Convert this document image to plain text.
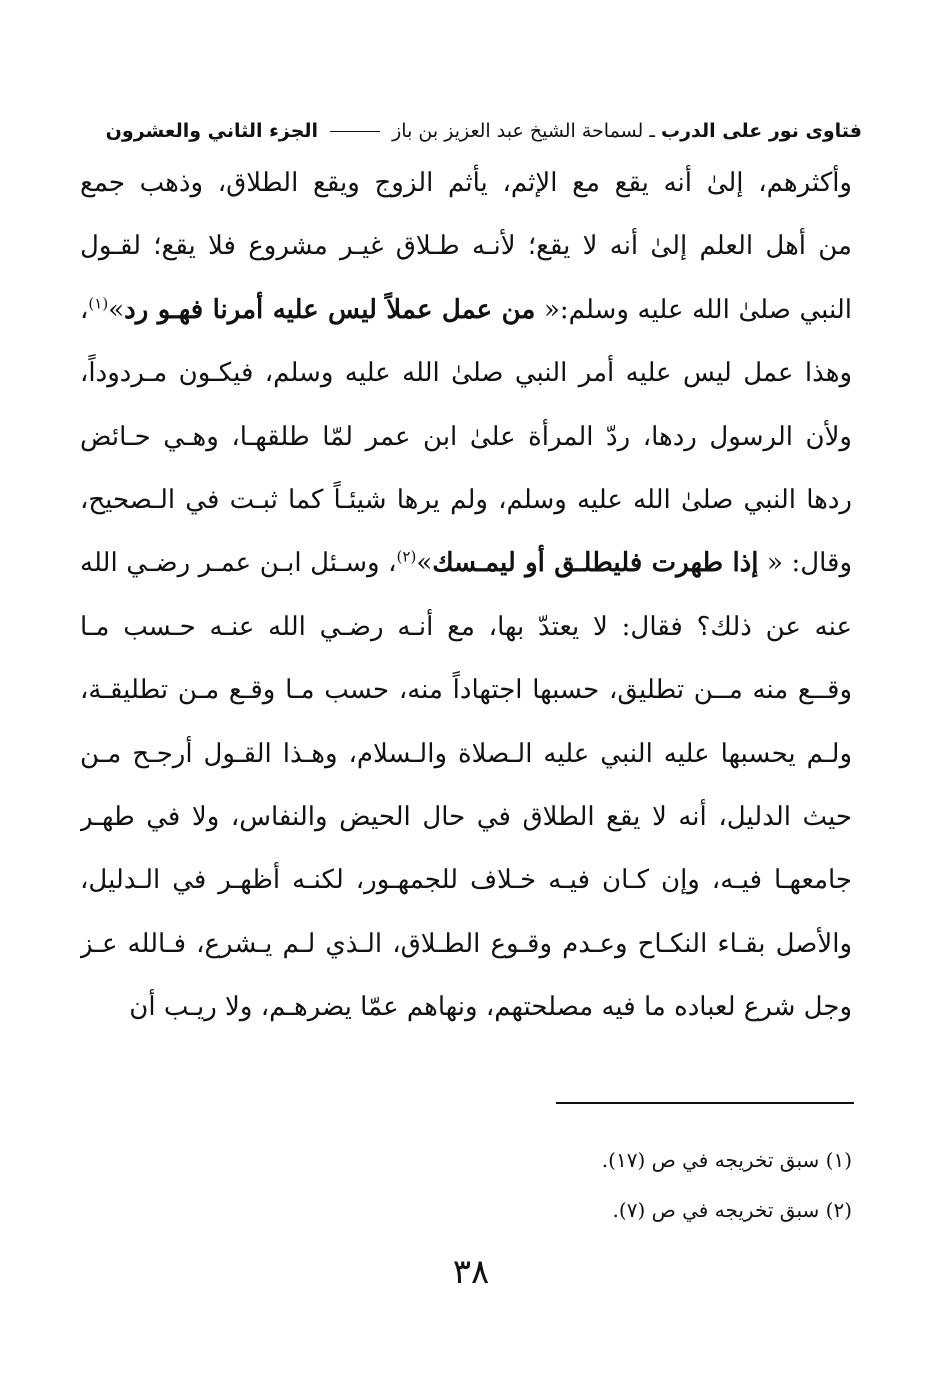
فتاوى نور على الدرب ـ لسماحة الشيخ عبد العزيز بن باز  الجزء الثاني والعشرون
وأكثرهم، إلىٰ أنه يقع مع الإثم، يأثم الزوج ويقع الطلاق، وذهب جمع
من أهل العلم إلىٰ أنه لا يقع؛ لأنـه طـلاق غيـر مشروع فلا يقع؛ لقـول
النبي صلىٰ الله عليه وسلم:« من عمل عملاً ليس عليه أمرنا فهـو رد»$^{(١)}$،
وهذا عمل ليس عليه أمر النبي صلىٰ الله عليه وسلم، فيكـون مـردوداً،
ولأن الرسول ردها، ردّ المرأة علىٰ ابن عمر لمّا طلقهـا، وهـي حـائض
ردها النبي صلىٰ الله عليه وسلم، ولم يرها شيئـاً كما ثبـت في الـصحيح،
وقال: « إذا طهرت فليطلـق أو ليمـسك»$^{(٢)}$، وسـئل ابـن عمـر رضـي الله
عنه عن ذلك؟ فقال: لا يعتدّ بها، مع أنـه رضـي الله عنـه حـسب مـا
وقــع منه مــن تطليق، حسبها اجتهاداً منه، حسب مـا وقـع مـن تطليقـة،
ولـم يحسبها عليه النبي عليه الـصلاة والـسلام، وهـذا القـول أرجـح مـن
حيث الدليل، أنه لا يقع الطلاق في حال الحيض والنفاس، ولا في طهـر
جامعهـا فيـه، وإن كـان فيـه خـلاف للجمهـور، لكنـه أظهـر في الـدليل،
والأصل بقـاء النكـاح وعـدم وقـوع الطـلاق، الـذي لـم يـشرع، فـالله عـز
وجل شرع لعباده ما فيه مصلحتهم، ونهاهم عمّا يضرهـم، ولا ريـب أن
(١) سبق تخريجه في ص (١٧).
(٢) سبق تخريجه في ص (٧).
٣٨
